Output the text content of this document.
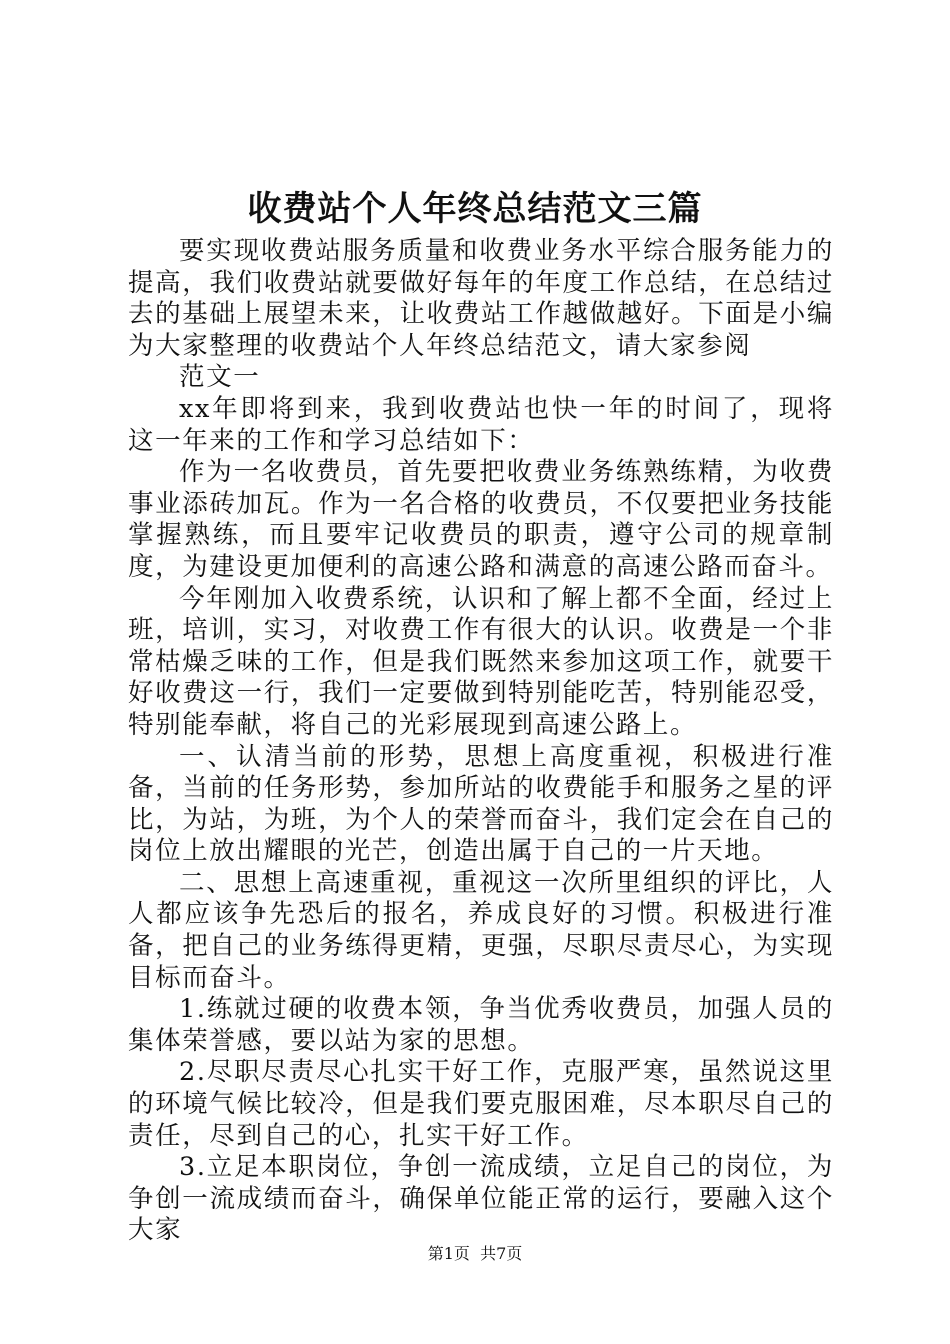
收费站个人年终总结范文三篇

要实现收费站服务质量和收费业务水平综合服务能力的提高，我们收费站就要做好每年的年度工作总结，在总结过去的基础上展望未来，让收费站工作越做越好。下面是小编为大家整理的收费站个人年终总结范文，请大家参阅

范文一

xx年即将到来，我到收费站也快一年的时间了，现将这一年来的工作和学习总结如下：

作为一名收费员，首先要把收费业务练熟练精，为收费事业添砖加瓦。作为一名合格的收费员，不仅要把业务技能掌握熟练，而且要牢记收费员的职责，遵守公司的规章制度，为建设更加便利的高速公路和满意的高速公路而奋斗。

今年刚加入收费系统，认识和了解上都不全面，经过上班，培训，实习，对收费工作有很大的认识。收费是一个非常枯燥乏味的工作，但是我们既然来参加这项工作，就要干好收费这一行，我们一定要做到特别能吃苦，特别能忍受，特别能奉献，将自己的光彩展现到高速公路上。

一、认清当前的形势，思想上高度重视，积极进行准备，当前的任务形势，参加所站的收费能手和服务之星的评比，为站，为班，为个人的荣誉而奋斗，我们定会在自己的岗位上放出耀眼的光芒，创造出属于自己的一片天地。

二、思想上高速重视，重视这一次所里组织的评比，人人都应该争先恐后的报名，养成良好的习惯。积极进行准备，把自己的业务练得更精，更强，尽职尽责尽心，为实现目标而奋斗。

1.练就过硬的收费本领，争当优秀收费员，加强人员的集体荣誉感，要以站为家的思想。

2.尽职尽责尽心扎实干好工作，克服严寒，虽然说这里的环境气候比较冷，但是我们要克服困难，尽本职尽自己的责任，尽到自己的心，扎实干好工作。

3.立足本职岗位，争创一流成绩，立足自己的岗位，为争创一流成绩而奋斗，确保单位能正常的运行，要融入这个大家

第1页 共7页
